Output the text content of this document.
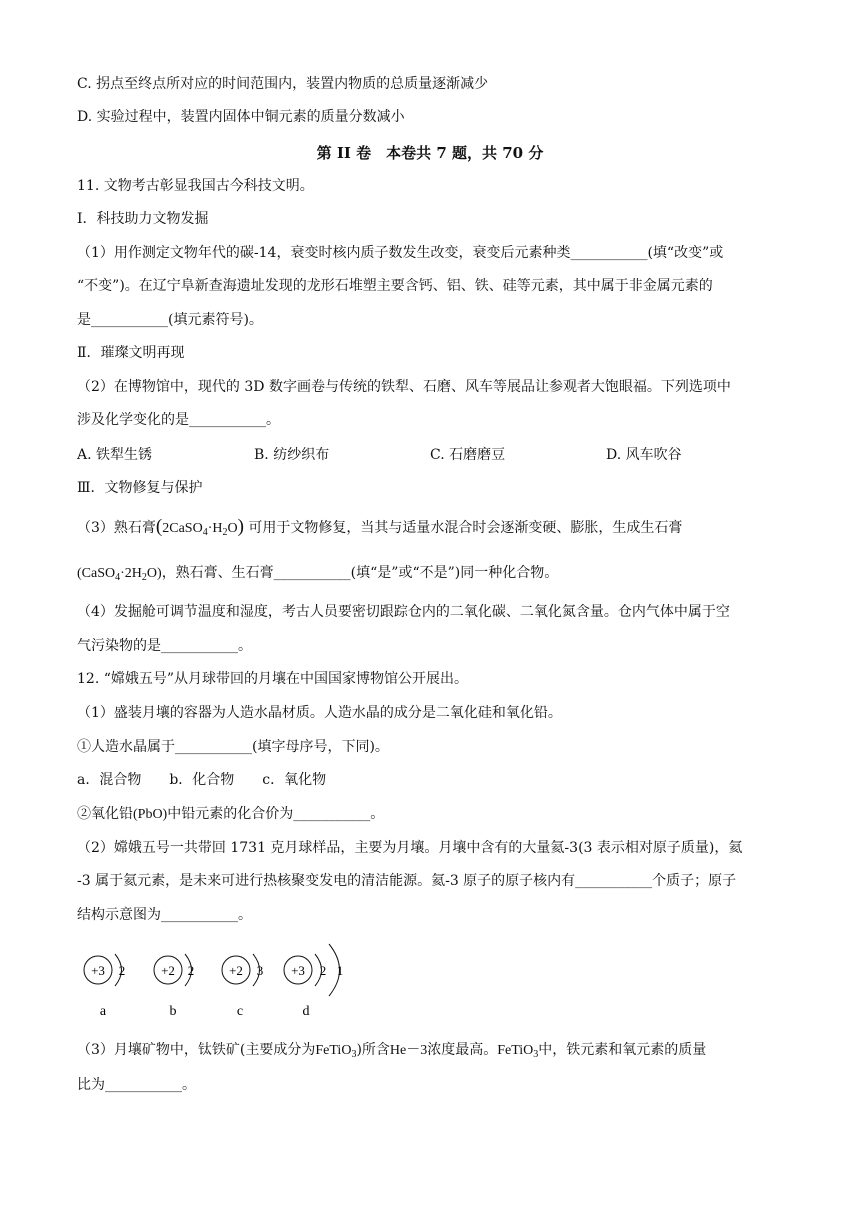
C. 拐点至终点所对应的时间范围内，装置内物质的总质量逐渐减少
D. 实验过程中，装置内固体中铜元素的质量分数减小
第 II 卷　本卷共 7 题，共 70 分
11. 文物考古彰显我国古今科技文明。
Ⅰ．科技助力文物发掘
（1）用作测定文物年代的碳-14，衰变时核内质子数发生改变，衰变后元素种类___________(填“改变”或
“不变”)。在辽宁阜新查海遗址发现的龙形石堆塑主要含钙、铝、铁、硅等元素，其中属于非金属元素的
是___________(填元素符号)。
Ⅱ．璀璨文明再现
（2）在博物馆中，现代的 3D 数字画卷与传统的铁犁、石磨、风车等展品让参观者大饱眼福。下列选项中
涉及化学变化的是___________。
A. 铁犁生锈	B. 纺纱织布	C. 石磨磨豆	D. 风车吹谷
Ⅲ．文物修复与保护
（3）熟石膏$(2CaSO_4\cdot H_2O)$ 可用于文物修复，当其与适量水混合时会逐渐变硬、膨胀，生成生石膏
$(CaSO_4\cdot 2H_2O)$，熟石膏、生石膏___________(填“是”或“不是”)同一种化合物。
（4）发掘舱可调节温度和湿度，考古人员要密切跟踪仓内的二氧化碳、二氧化氮含量。仓内气体中属于空
气污染物的是___________。
12. “嫦娥五号”从月球带回的月壤在中国国家博物馆公开展出。
（1）盛装月壤的容器为人造水晶材质。人造水晶的成分是二氧化硅和氧化铅。
①人造水晶属于___________(填字母序号，下同)。
a．混合物　　b．化合物　　c．氧化物
②氧化铅(PbO)中铅元素的化合价为___________。
（2）嫦娥五号一共带回 1731 克月球样品，主要为月壤。月壤中含有的大量氦-3(3 表示相对原子质量)，氦
-3 属于氦元素，是未来可进行热核聚变发电的清洁能源。氦-3 原子的原子核内有___________个质子；原子
结构示意图为___________。
+3 2
a
+2 2
b
+2 3
c
+3 2 1
d
（3）月壤矿物中，钛铁矿(主要成分为FeTiO$_3$)所含He－3浓度最高。FeTiO$_3$中，铁元素和氧元素的质量
比为___________。
